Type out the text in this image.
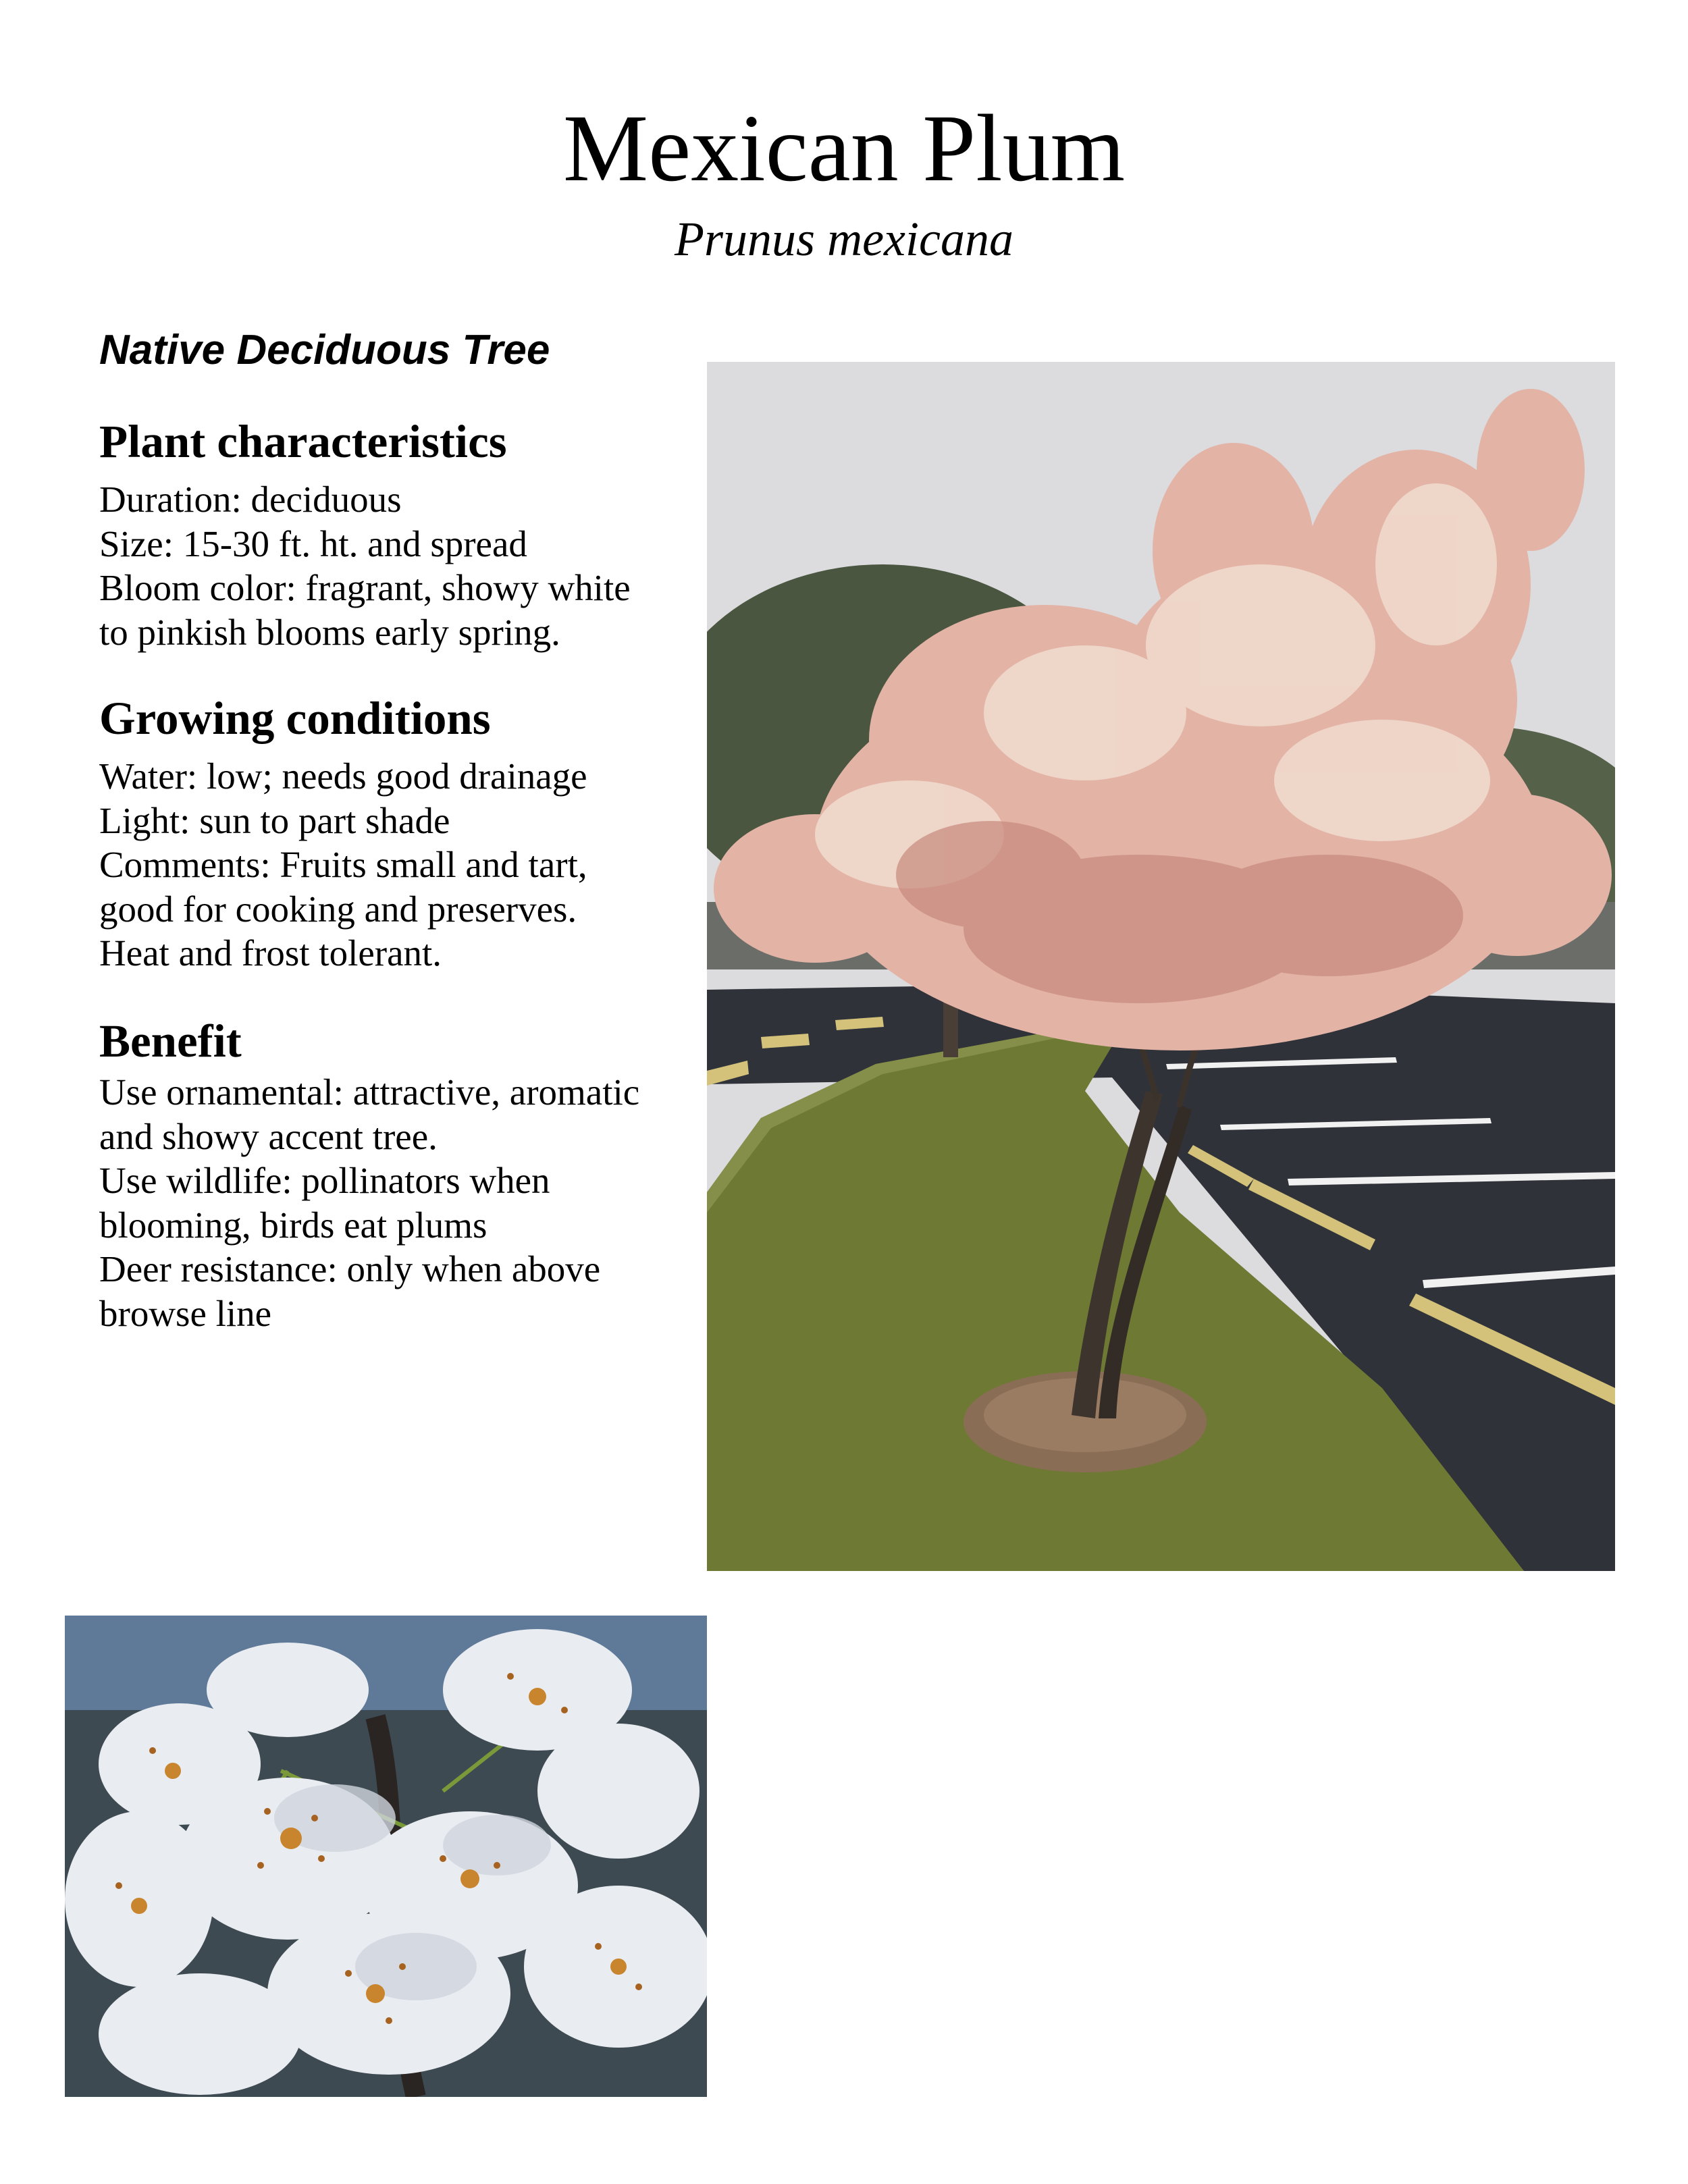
Mexican Plum
Prunus mexicana
Native Deciduous Tree
Plant characteristics
Duration: deciduous
Size: 15-30 ft. ht. and spread
Bloom color: fragrant, showy white
to pinkish blooms early spring.
Growing conditions
Water: low; needs good drainage
Light: sun to part shade
Comments: Fruits small and tart,
good for cooking and preserves.
Heat and frost tolerant.
Benefit
Use ornamental: attractive, aromatic
and showy accent tree.
Use wildlife: pollinators when
blooming, birds eat plums
Deer resistance: only when above
browse line
